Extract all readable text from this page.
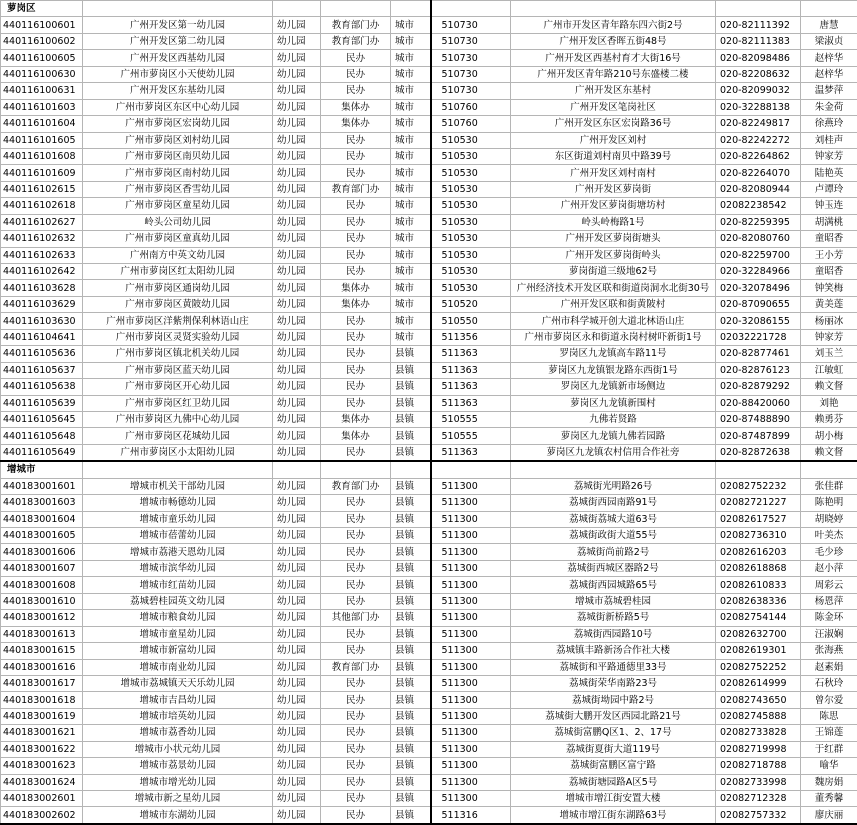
萝岗区								
440116100601	广州开发区第一幼儿园	幼儿园	教育部门办	城市	510730	广州市开发区青年路东四六街2号	020-82111392	唐慧
440116100602	广州开发区第二幼儿园	幼儿园	教育部门办	城市	510730	广州开发区香晖五街48号	020-82111383	梁淑贞
440116100605	广州开发区西基幼儿园	幼儿园	民办	城市	510730	广州开发区西基村育才大街16号	020-82098486	赵梓华
440116100630	广州市萝岗区小天使幼儿园	幼儿园	民办	城市	510730	广州开发区青年路210号东盛楼二楼	020-82208632	赵梓华
440116100631	广州开发区东基幼儿园	幼儿园	民办	城市	510730	广州开发区东基村	020-82099032	温梦萍
440116101603	广州市萝岗区东区中心幼儿园	幼儿园	集体办	城市	510760	广州开发区笔岗社区	020-32288138	朱金荷
440116101604	广州市萝岗区宏岗幼儿园	幼儿园	集体办	城市	510760	广州开发区东区宏岗路36号	020-82249817	徐燕玲
440116101605	广州市萝岗区刘村幼儿园	幼儿园	民办	城市	510530	广州开发区刘村	020-82242272	刘桂声
440116101608	广州市萝岗区南贝幼儿园	幼儿园	民办	城市	510530	东区街道刘村南贝中路39号	020-82264862	钟家芳
440116101609	广州市萝岗区南村幼儿园	幼儿园	民办	城市	510530	广州开发区刘村南村	020-82264070	陆艳英
440116102615	广州市萝岗区香雪幼儿园	幼儿园	教育部门办	城市	510530	广州开发区萝岗街	020-82080944	卢谭玲
440116102618	广州市萝岗区童星幼儿园	幼儿园	民办	城市	510530	广州开发区萝岗街塘坊村	02082238542	钟玉连
440116102627	岭头公司幼儿园	幼儿园	民办	城市	510530	岭头岭梅路1号	020-82259395	胡满桃
440116102632	广州市萝岗区童真幼儿园	幼儿园	民办	城市	510530	广州开发区萝岗街塘头	020-82080760	童昭香
440116102633	广州南方中英文幼儿园	幼儿园	民办	城市	510530	广州开发区萝岗街岭头	020-82259700	王小芳
440116102642	广州市萝岗区红太阳幼儿园	幼儿园	民办	城市	510530	萝岗街道三级地62号	020-32284966	童昭香
440116103628	广州市萝岗区通岗幼儿园	幼儿园	集体办	城市	510530	广州经济技术开发区联和街道岗洞水北街30号	020-32078496	钟笑梅
440116103629	广州市萝岗区黄陂幼儿园	幼儿园	集体办	城市	510520	广州开发区联和街黄陂村	020-87090655	黄美莲
440116103630	广州市萝岗区洋紫荆保利林语山庄	幼儿园	民办	城市	510550	广州市科学城开创大道北林语山庄	020-32086155	杨丽冰
440116104641	广州市萝岗区灵贤实验幼儿园	幼儿园	民办	城市	511356	广州市萝岗区永和街道永岗村树吓新街1号	02032221728	钟家芳
440116105636	广州市萝岗区镇北机关幼儿园	幼儿园	民办	县镇	511363	罗岗区九龙镇高车路11号	020-82877461	刘玉兰
440116105637	广州市萝岗区蓝天幼儿园	幼儿园	民办	县镇	511363	萝岗区九龙镇银龙路东西街1号	020-82876123	江敏虹
440116105638	广州市萝岗区开心幼儿园	幼儿园	民办	县镇	511363	罗岗区九龙镇新市场侧边	020-82879292	赖文督
440116105639	广州市萝岗区红卫幼儿园	幼儿园	民办	县镇	511363	萝岗区九龙镇新围村	020-88420060	刘艳
440116105645	广州市萝岗区九佛中心幼儿园	幼儿园	集体办	县镇	510555	九佛若贤路	020-87488890	赖勇芬
440116105648	广州市萝岗区花城幼儿园	幼儿园	集体办	县镇	510555	萝岗区九龙镇九佛若园路	020-87487899	胡小梅
440116105649	广州市萝岗区小太阳幼儿园	幼儿园	民办	县镇	511363	萝岗区九龙镇农村信用合作社旁	020-82872638	赖文督
增城市								
440183001601	增城市机关干部幼儿园	幼儿园	教育部门办	县镇	511300	荔城街光明路26号	02082752232	张佳群
440183001603	增城市畅德幼儿园	幼儿园	民办	县镇	511300	荔城街西园南路91号	02082721227	陈艳明
440183001604	增城市童乐幼儿园	幼儿园	民办	县镇	511300	荔城街荔城大道63号	02082617527	胡晓婷
440183001605	增城市蓓蕾幼儿园	幼儿园	民办	县镇	511300	荔城街政街大道55号	02082736310	叶美杰
440183001606	增城市荔港天恩幼儿园	幼儿园	民办	县镇	511300	荔城街尚前路2号	02082616203	毛少珍
440183001607	增城市滨华幼儿园	幼儿园	民办	县镇	511300	荔城街西城区器路2号	02082618868	赵小萍
440183001608	增城市红苗幼儿园	幼儿园	民办	县镇	511300	荔城街西园城路65号	02082610833	周彩云
440183001610	荔城碧桂园英文幼儿园	幼儿园	民办	县镇	511300	增城市荔城碧桂园	02082638336	杨恩萍
440183001612	增城市粮食幼儿园	幼儿园	其他部门办	县镇	511300	荔城街新桥路5号	02082754144	陈金环
440183001613	增城市童星幼儿园	幼儿园	民办	县镇	511300	荔城街西园路10号	02082632700	汪淑娴
440183001615	增城市新富幼儿园	幼儿园	民办	县镇	511300	荔城镇丰路新汤合作社大楼	02082619301	张海燕
440183001616	增城市南业幼儿园	幼儿园	教育部门办	县镇	511300	荔城街和平路通德里33号	02082752252	赵素娟
440183001617	增城市荔城镇天天乐幼儿园	幼儿园	民办	县镇	511300	荔城街荣华南路23号	02082614999	石秋玲
440183001618	增城市吉昌幼儿园	幼儿园	民办	县镇	511300	荔城街坳园中路2号	02082743650	曾尔爱
440183001619	增城市培英幼儿园	幼儿园	民办	县镇	511300	荔城街大鹏开发区西园北路21号	02082745888	陈思
440183001621	增城市荔香幼儿园	幼儿园	民办	县镇	511300	荔城街富鹏Q区1、2、17号	02082733828	王锦莲
440183001622	增城市小状元幼儿园	幼儿园	民办	县镇	511300	荔城街夏街大道119号	02082719998	于红群
440183001623	增城市荔景幼儿园	幼儿园	民办	县镇	511300	荔城街富鹏区富宁路	02082718788	喻华
440183001624	增城市增光幼儿园	幼儿园	民办	县镇	511300	荔城街塘园路A区5号	02082733998	魏房娟
440183002601	增城市新之星幼儿园	幼儿园	民办	县镇	511300	增城市增江街安置大楼	02082712328	董秀馨
440183002602	增城市东湖幼儿园	幼儿园	民办	县镇	511316	增城市增江街东湖路63号	02082757332	廖庆丽
